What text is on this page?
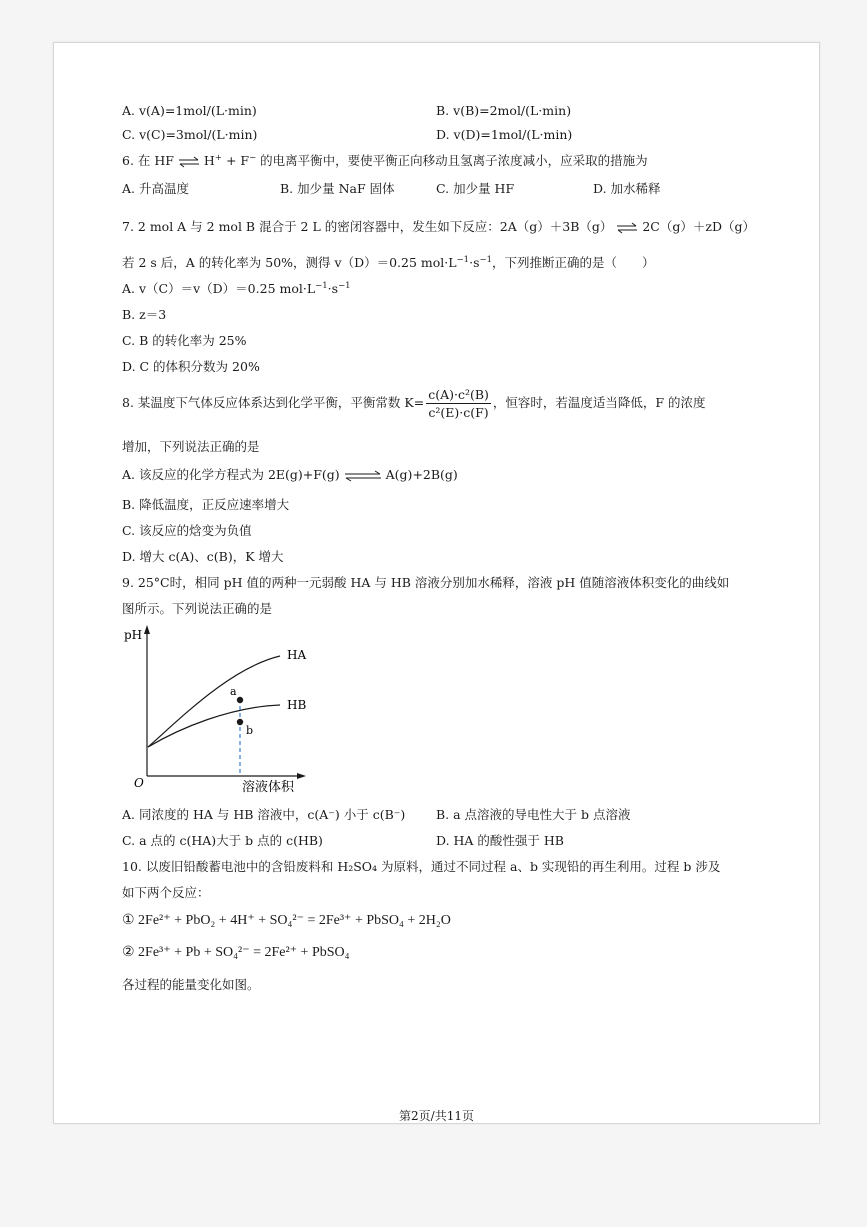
A. v(A)=1mol/(L·min)	B. v(B)=2mol/(L·min)
C. v(C)=3mol/(L·min)	D. v(D)=1mol/(L·min)
6. 在 HF ⇌ H+ + F− 的电离平衡中，要使平衡正向移动且氢离子浓度减小，应采取的措施为
A. 升高温度	B. 加少量 NaF 固体	C. 加少量 HF	D. 加水稀释
7. 2 mol A 与 2 mol B 混合于 2 L 的密闭容器中，发生如下反应：2A（g）＋3B（g） ⇌ 2C（g）＋zD（g）
若 2 s 后，A 的转化率为 50%，测得 v（D）＝0.25 $mol\cdot L^{-1}\cdot s^{-1}$，下列推断正确的是（　　）
A. v（C）＝v（D）＝0.25 $mol\cdot L^{-1}\cdot s^{-1}$
B. z＝3
C. B 的转化率为 25%
D. C 的体积分数为 20%
8. 某温度下气体反应体系达到化学平衡，平衡常数 $K= \frac{\text{c(A)·c²(B)}}{\text{c²(E)·c(F)}}$ ，恒容时，若温度适当降低，F 的浓度
增加，下列说法正确的是
A. 该反应的化学方程式为 2E(g)+F(g) ⇌ A(g)+2B(g)
B. 降低温度，正反应速率增大
C. 该反应的焓变为负值
D. 增大 c(A)、c(B)，K 增大
9. 25°C时，相同 pH 值的两种一元弱酸 HA 与 HB 溶液分别加水稀释，溶液 pH 值随溶液体积变化的曲线如
图所示。下列说法正确的是
pH
O	溶液体积
HA
HB
a
b
A. 同浓度的 HA 与 HB 溶液中，c(A⁻) 小于 c(B⁻) B. a 点溶液的导电性大于 b 点溶液
C. a 点的 c(HA)大于 b 点的 c(HB)	D. HA 的酸性强于 HB
10. 以废旧铅酸蓄电池中的含铅废料和 H₂SO₄ 为原料，通过不同过程 a、b 实现铅的再生利用。过程 b 涉及
如下两个反应：
① 2Fe²⁺ + PbO₂ + 4H⁺ + SO₄²⁻ = 2Fe³⁺ + PbSO₄ + 2H₂O
② 2Fe³⁺ + Pb + SO₄²⁻ = 2Fe²⁺ + PbSO₄
各过程的能量变化如图。
第2页/共11页
